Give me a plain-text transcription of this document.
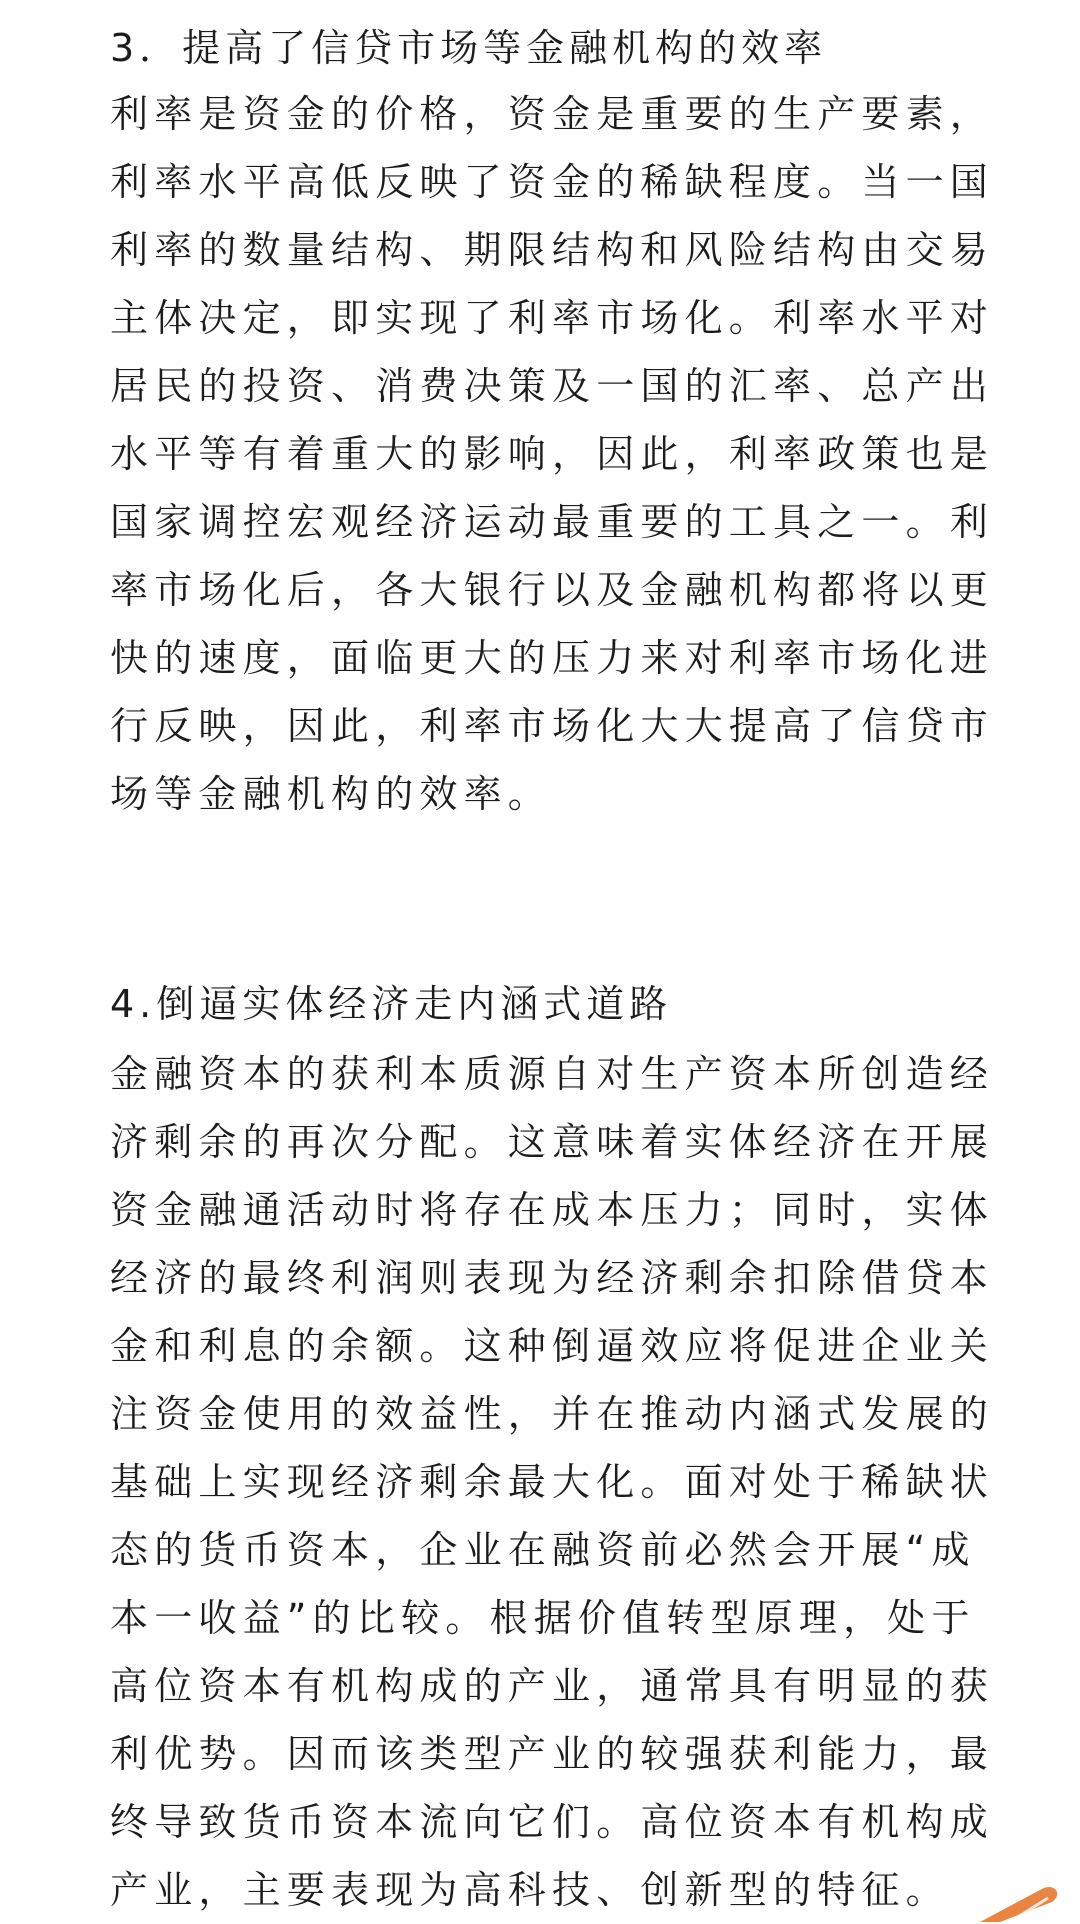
3．提高了信贷市场等金融机构的效率

利率是资金的价格，资金是重要的生产要素，

利率水平高低反映了资金的稀缺程度。当一国

利率的数量结构、期限结构和风险结构由交易

主体决定，即实现了利率市场化。利率水平对

居民的投资、消费决策及一国的汇率、总产出

水平等有着重大的影响，因此，利率政策也是

国家调控宏观经济运动最重要的工具之一。利

率市场化后，各大银行以及金融机构都将以更

快的速度，面临更大的压力来对利率市场化进

行反映，因此，利率市场化大大提高了信贷市

场等金融机构的效率。

4.倒逼实体经济走内涵式道路

金融资本的获利本质源自对生产资本所创造经

济剩余的再次分配。这意味着实体经济在开展

资金融通活动时将存在成本压力；同时，实体

经济的最终利润则表现为经济剩余扣除借贷本

金和利息的余额。这种倒逼效应将促进企业关

注资金使用的效益性，并在推动内涵式发展的

基础上实现经济剩余最大化。面对处于稀缺状

态的货币资本，企业在融资前必然会开展“成

本一收益”的比较。根据价值转型原理，处于

高位资本有机构成的产业，通常具有明显的获

利优势。因而该类型产业的较强获利能力，最

终导致货币资本流向它们。高位资本有机构成

产业，主要表现为高科技、创新型的特征。
